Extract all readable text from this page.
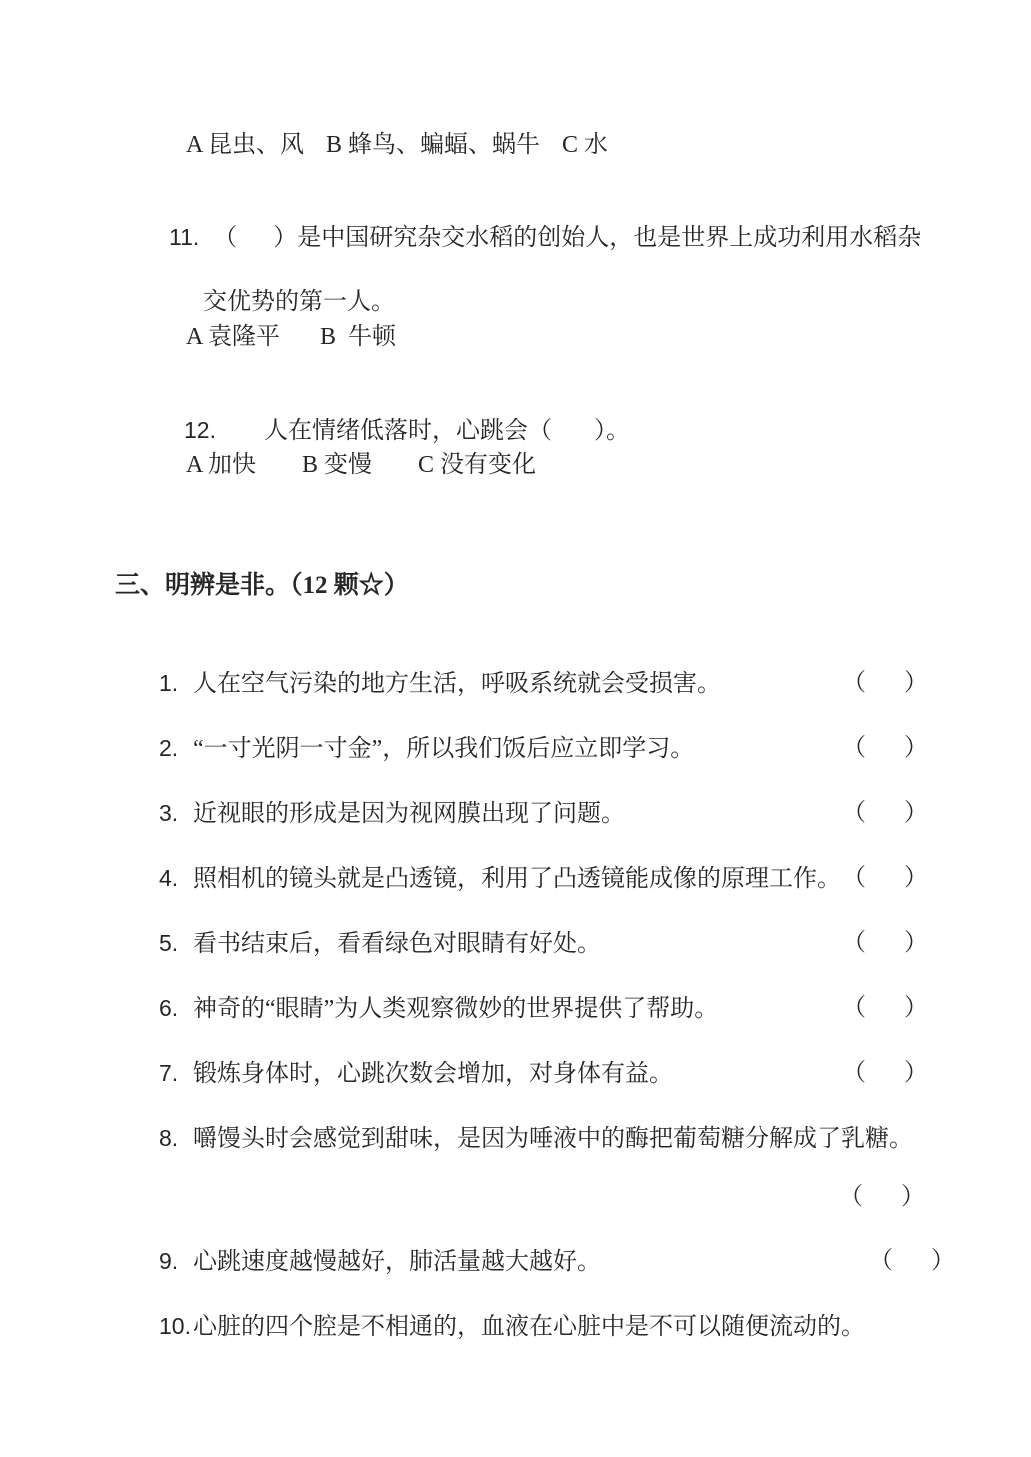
A 昆虫、风 B 蜂鸟、蝙蝠、蜗牛 C 水

11. （      ）是中国研究杂交水稻的创始人，也是世界上成功利用水稻杂

交优势的第一人。

A 袁隆平 B  牛顿

12. 人在情绪低落时，心跳会（       ）。

A 加快 B 变慢 C 没有变化
三、明辨是非。（12 颗☆）

1. 人在空气污染的地方生活，呼吸系统就会受损害。
	（ ）

2. “一寸光阴一寸金”，所以我们饭后应立即学习。
	（ ）

3. 近视眼的形成是因为视网膜出现了问题。
	（ ）

4. 照相机的镜头就是凸透镜，利用了凸透镜能成像的原理工作。
（ ）

5. 看书结束后，看看绿色对眼睛有好处。
	（ ）

6. 神奇的“眼睛”为人类观察微妙的世界提供了帮助。
	（ ）

7. 锻炼身体时，心跳次数会增加，对身体有益。
	（ ）

8. 嚼馒头时会感觉到甜味，是因为唾液中的酶把葡萄糖分解成了乳糖。

（ ）

9. 心跳速度越慢越好，肺活量越大越好。
	（ ）

10.心脏的四个腔是不相通的，血液在心脏中是不可以随便流动的。
